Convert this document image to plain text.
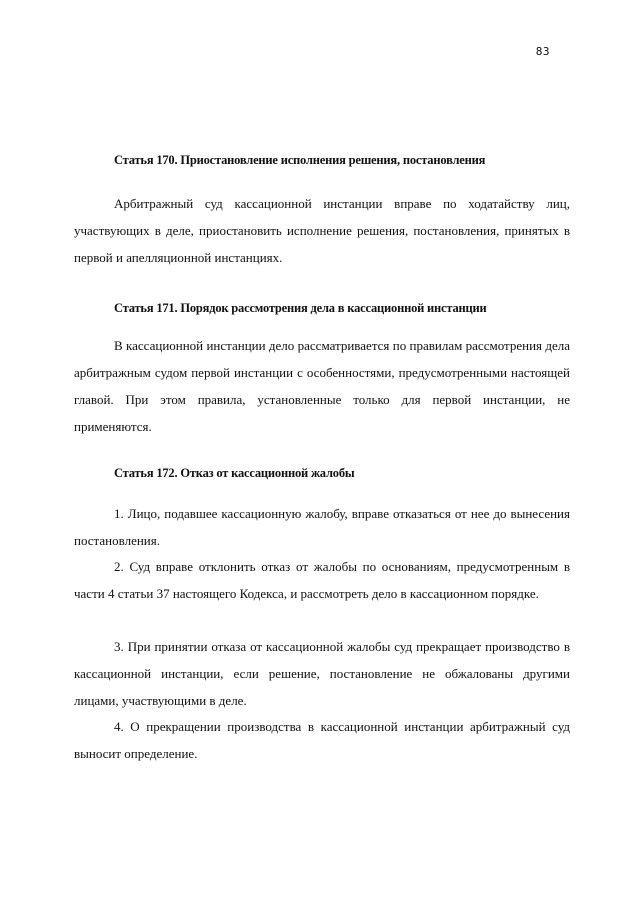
83
Статья 170. Приостановление исполнения решения, постановления
Арбитражный суд кассационной инстанции вправе по ходатайству лиц, участвующих в деле, приостановить исполнение решения, постановления, принятых в первой и апелляционной инстанциях.
Статья 171. Порядок рассмотрения дела в кассационной инстанции
В кассационной инстанции дело рассматривается по правилам рассмотрения дела арбитражным судом первой инстанции с особенностями, предусмотренными настоящей главой. При этом правила, установленные только для первой инстанции, не применяются.
Статья 172. Отказ от кассационной жалобы
1. Лицо, подавшее кассационную жалобу, вправе отказаться от нее до вынесения постановления.
2. Суд вправе отклонить отказ от жалобы по основаниям, предусмотренным в части 4 статьи 37 настоящего Кодекса, и рассмотреть дело в кассационном порядке.
3. При принятии отказа от кассационной жалобы суд прекращает производство в кассационной инстанции, если решение, постановление не обжалованы другими лицами, участвующими в деле.
4. О прекращении производства в кассационной инстанции арбитражный суд выносит определение.
